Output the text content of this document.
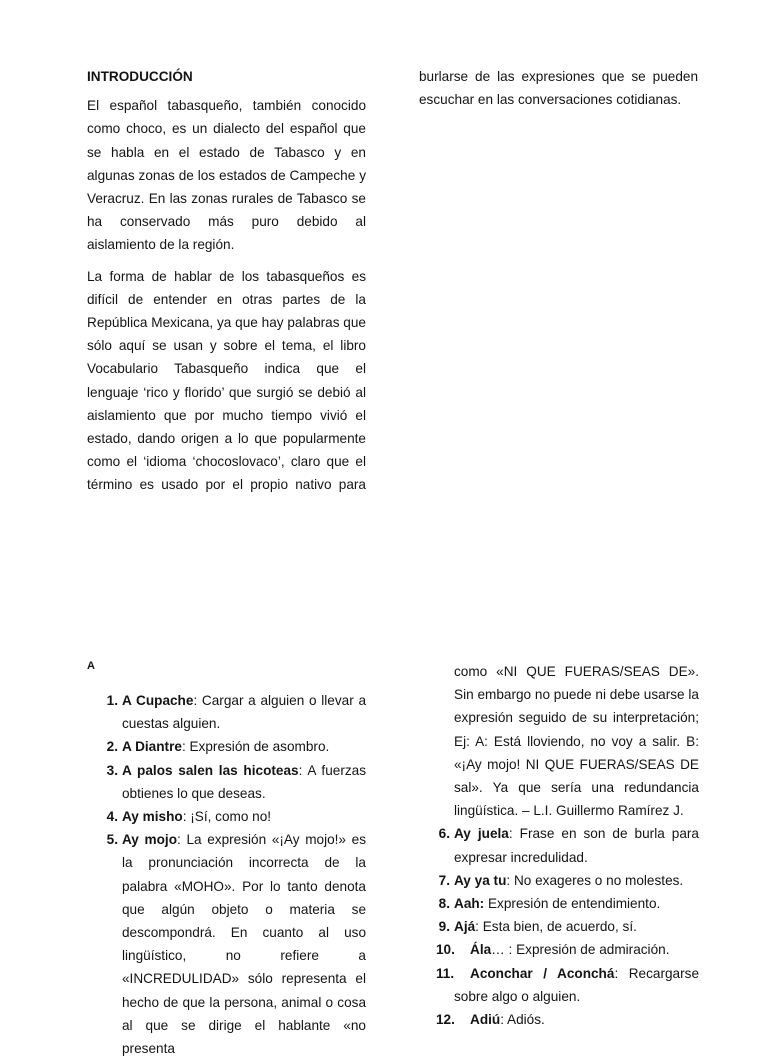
INTRODUCCIÓN

El español tabasqueño, también conocido como choco, es un dialecto del español que se habla en el estado de Tabasco y en algunas zonas de los estados de Campeche y Veracruz. En las zonas rurales de Tabasco se ha conservado más puro debido al aislamiento de la región.

La forma de hablar de los tabasqueños es difícil de entender en otras partes de la República Mexicana, ya que hay palabras que sólo aquí se usan y sobre el tema, el libro Vocabulario Tabasqueño indica que el lenguaje ‘rico y florido’ que surgió se debió al aislamiento que por mucho tiempo vivió el estado, dando origen a lo que popularmente como el ‘idioma ‘chocoslovaco’, claro que el término es usado por el propio nativo para

burlarse de las expresiones que se pueden escuchar en las conversaciones cotidianas.

A
1. A Cupache: Cargar a alguien o llevar a cuestas alguien.
2. A Diantre: Expresión de asombro.
3. A palos salen las hicoteas: A fuerzas obtienes lo que deseas.
4. Ay misho: ¡Sí, como no!
5. Ay mojo: La expresión «¡Ay mojo!» es la pronunciación incorrecta de la palabra «MOHO». Por lo tanto denota que algún objeto o materia se descompondrá. En cuanto al uso lingüístico, no refiere a «INCREDULIDAD» sólo representa el hecho de que la persona, animal o cosa al que se dirige el hablante «no presenta
como «NI QUE FUERAS/SEAS DE». Sin embargo no puede ni debe usarse la expresión seguido de su interpretación; Ej: A: Está lloviendo, no voy a salir. B: «¡Ay mojo! NI QUE FUERAS/SEAS DE sal». Ya que sería una redundancia lingüística. – L.I. Guillermo Ramírez J.
6. Ay juela: Frase en son de burla para expresar incredulidad.
7. Ay ya tu: No exageres o no molestes.
8. Aah: Expresión de entendimiento.
9. Ajá: Esta bien, de acuerdo, sí.
10. Ála… : Expresión de admiración.
11. Aconchar / Aconchá: Recargarse sobre algo o alguien.
12. Adiú: Adiós.
